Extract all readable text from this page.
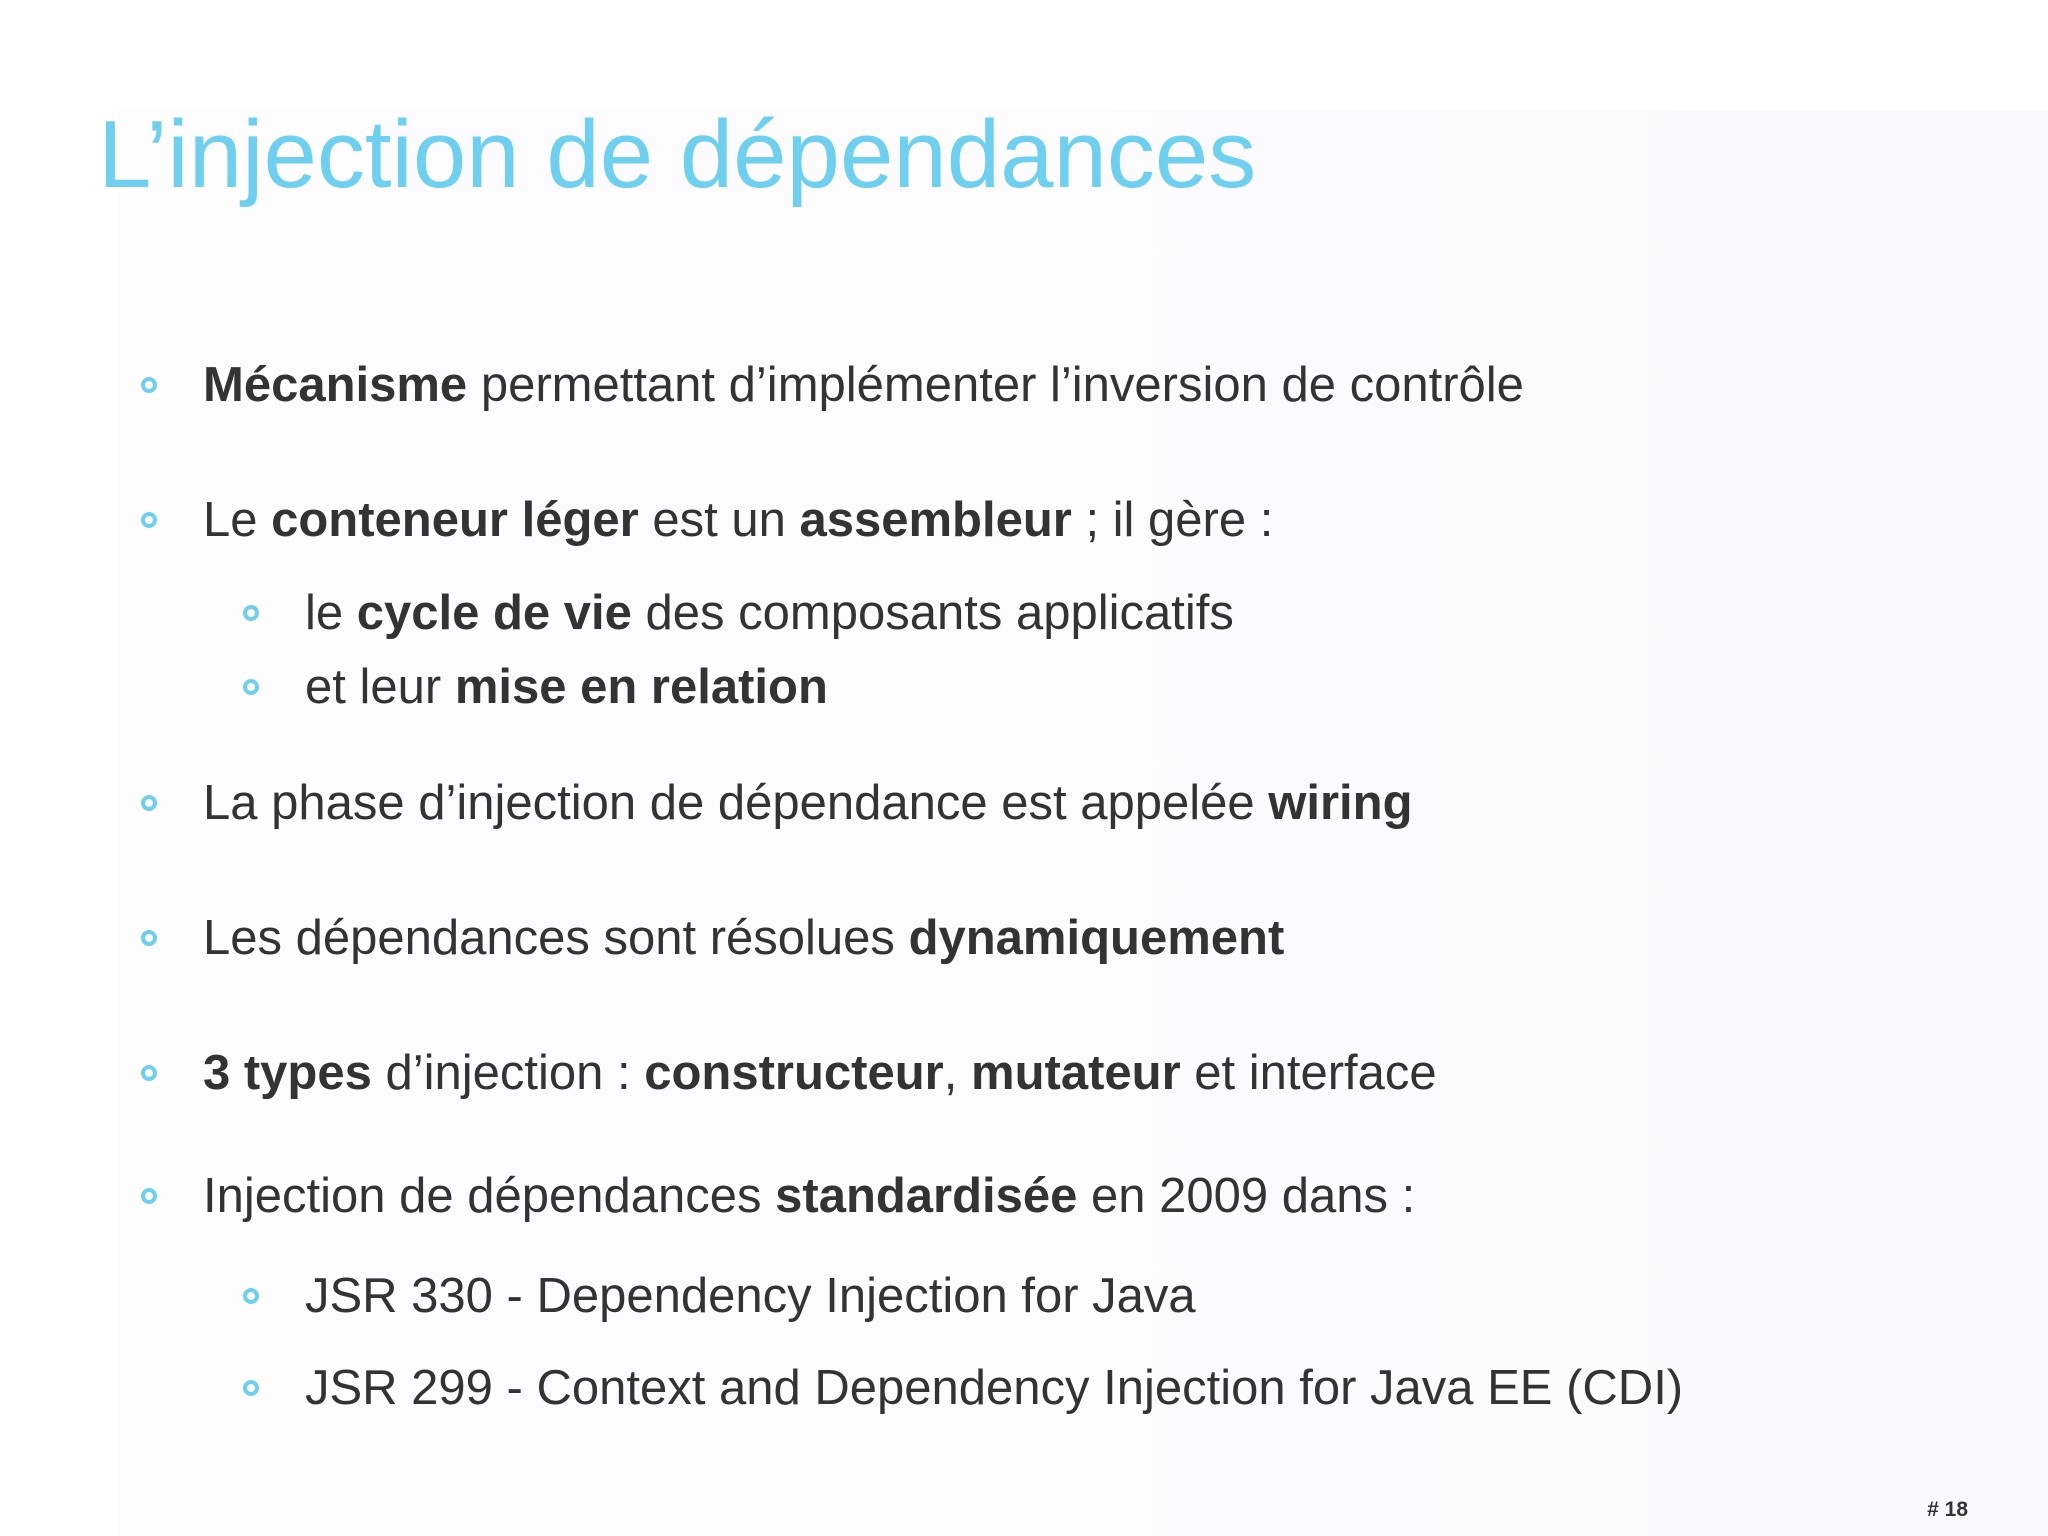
L’injection de dépendances
Mécanisme permettant d’implémenter l’inversion de contrôle
Le conteneur léger est un assembleur ; il gère :
le cycle de vie des composants applicatifs
et leur mise en relation
La phase d’injection de dépendance est appelée wiring
Les dépendances sont résolues dynamiquement
3 types d’injection : constructeur, mutateur et interface
Injection de dépendances standardisée en 2009 dans :
JSR 330 - Dependency Injection for Java
JSR 299 - Context and Dependency Injection for Java EE (CDI)
# 18
